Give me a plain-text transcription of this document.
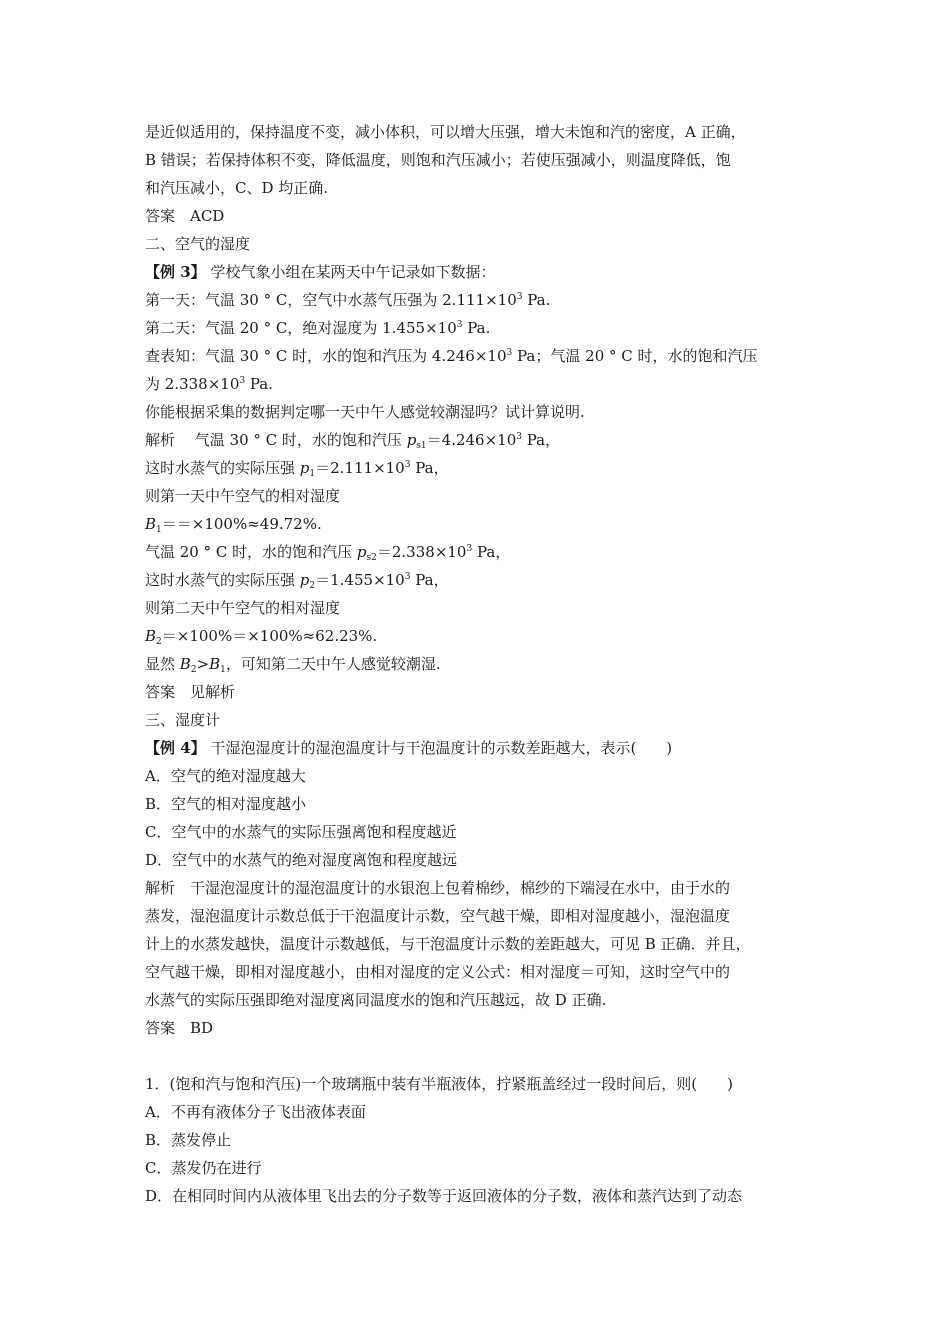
是近似适用的，保持温度不变，减小体积，可以增大压强，增大未饱和汽的密度，A 正确，
B 错误；若保持体积不变，降低温度，则饱和汽压减小；若使压强减小，则温度降低，饱
和汽压减小，C、D 均正确.
答案　ACD
二、空气的湿度
【例 3】 学校气象小组在某两天中午记录如下数据：
第一天：气温 30 ° C，空气中水蒸气压强为 $2.111\times 10^3$ Pa.
第二天：气温 20 ° C，绝对湿度为 $1.455\times 10^3$ Pa.
查表知：气温 30 ° C 时，水的饱和汽压为 $4.246\times 10^3$ Pa；气温 20 ° C 时，水的饱和汽压
为 $2.338\times 10^3$ Pa.
你能根据采集的数据判定哪一天中午人感觉较潮湿吗？试计算说明.
解析　 气温 30 ° C 时，水的饱和汽压 $p_{s1}=4.246\times 10^3$ Pa，
这时水蒸气的实际压强 $p_1=2.111\times 10^3$ Pa，
则第一天中午空气的相对湿度
$B_1==\times 100\%\approx 49.72\%$.
气温 20 ° C 时，水的饱和汽压 $p_{s2}=2.338\times 10^3$ Pa，
这时水蒸气的实际压强 $p_2=1.455\times 10^3$ Pa，
则第二天中午空气的相对湿度
$B_2=\times 100\%=\times 100\%\approx 62.23\%$.
显然 $B_2>B_1$，可知第二天中午人感觉较潮湿.
答案　见解析
三、湿度计
【例 4】 干湿泡湿度计的湿泡温度计与干泡温度计的示数差距越大，表示(　　)
A．空气的绝对湿度越大
B．空气的相对湿度越小
C．空气中的水蒸气的实际压强离饱和程度越近
D．空气中的水蒸气的绝对湿度离饱和程度越远
解析　干湿泡湿度计的湿泡温度计的水银泡上包着棉纱，棉纱的下端浸在水中，由于水的
蒸发，湿泡温度计示数总低于干泡温度计示数，空气越干燥，即相对湿度越小，湿泡温度
计上的水蒸发越快，温度计示数越低，与干泡温度计示数的差距越大，可见 B 正确．并且，
空气越干燥，即相对湿度越小，由相对湿度的定义公式：相对湿度＝可知，这时空气中的
水蒸气的实际压强即绝对湿度离同温度水的饱和汽压越远，故 D 正确.
答案　BD
1．(饱和汽与饱和汽压)一个玻璃瓶中装有半瓶液体，拧紧瓶盖经过一段时间后，则(　　)
A．不再有液体分子飞出液体表面
B．蒸发停止
C．蒸发仍在进行
D．在相同时间内从液体里飞出去的分子数等于返回液体的分子数，液体和蒸汽达到了动态
